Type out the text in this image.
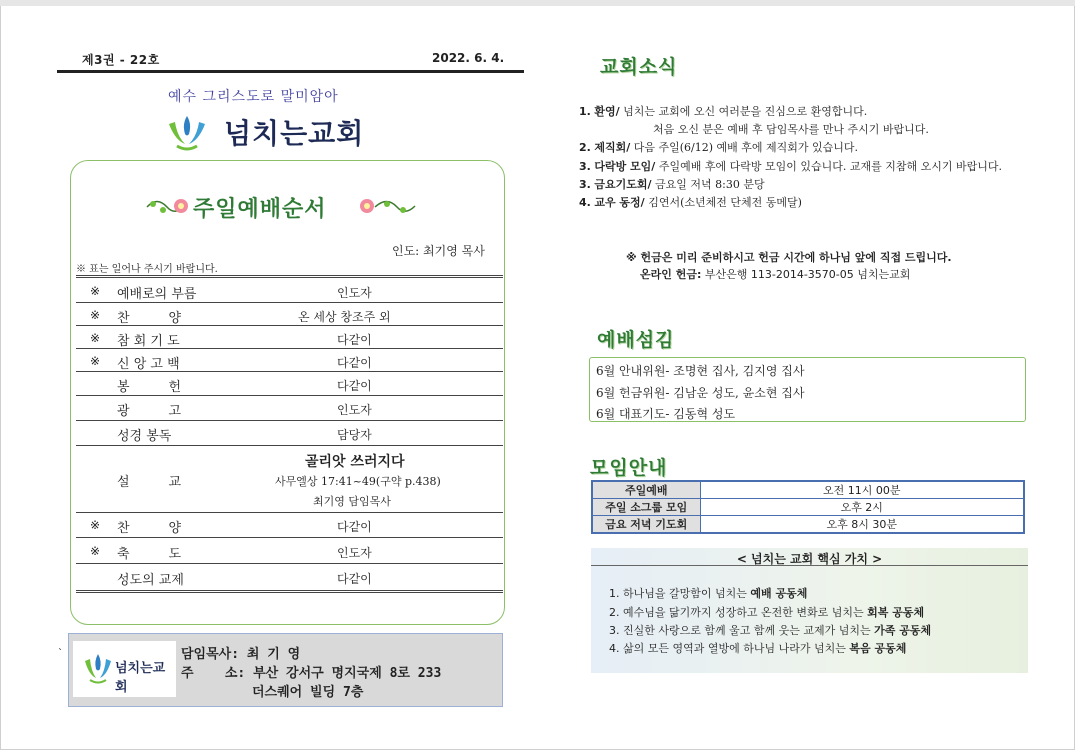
제3권 - 22호	2022. 6. 4.
예수 그리스도로 말미암아
넘치는교회
주일예배순서
인도: 최기영 목사
※ 표는 일어나 주시기 바랍니다.
※ 예배로의 부름	인도자
※ 찬　　　양	온 세상 창조주 외
※ 참 회 기 도	다같이
※ 신 앙 고 백	다같이
봉　　　헌	다같이
광　　　고	인도자
성경 봉독	담당자
설　　　교
골리앗 쓰러지다
사무엘상 17:41~49(구약 p.438)
최기영 담임목사
※ 찬　　　양	다같이
※ 축　　　도	인도자
성도의 교제	다같이
`
넘치는교회
담임목사: 최 기 영
주    소: 부산 강서구 명지국제 8로 233
더스퀘어 빌딩 7층
교회소식
1. 환영/ 넘치는 교회에 오신 여러분을 진심으로 환영합니다.
처음 오신 분은 예배 후 담임목사를 만나 주시기 바랍니다.
2. 제직회/ 다음 주일(6/12) 예배 후에 제직회가 있습니다.
3. 다락방 모임/ 주일예배 후에 다락방 모임이 있습니다. 교재를 지참해 오시기 바랍니다.
3. 금요기도회/ 금요일 저녁 8:30 분당
4. 교우 동정/ 김연서(소년체전 단체전 동메달)
※ 헌금은 미리 준비하시고 헌금 시간에 하나님 앞에 직접 드립니다.
온라인 헌금: 부산은행 113-2014-3570-05 넘치는교회
예배섬김
6월 안내위원- 조명현 집사, 김지영 집사
6월 헌금위원- 김남운 성도, 윤소현 집사
6월 대표기도- 김동혁 성도
모임안내
주일예배	오전 11시 00분
주일 소그룹 모임	오후 2시
금요 저녁 기도회	오후 8시 30분
< 넘치는 교회 핵심 가치 >
1. 하나님을 갈망함이 넘치는 예배 공동체
2. 예수님을 닮기까지 성장하고 온전한 변화로 넘치는 회복 공동체
3. 진실한 사랑으로 함께 울고 함께 웃는 교제가 넘치는 가족 공동체
4. 삶의 모든 영역과 열방에 하나님 나라가 넘치는 복음 공동체
